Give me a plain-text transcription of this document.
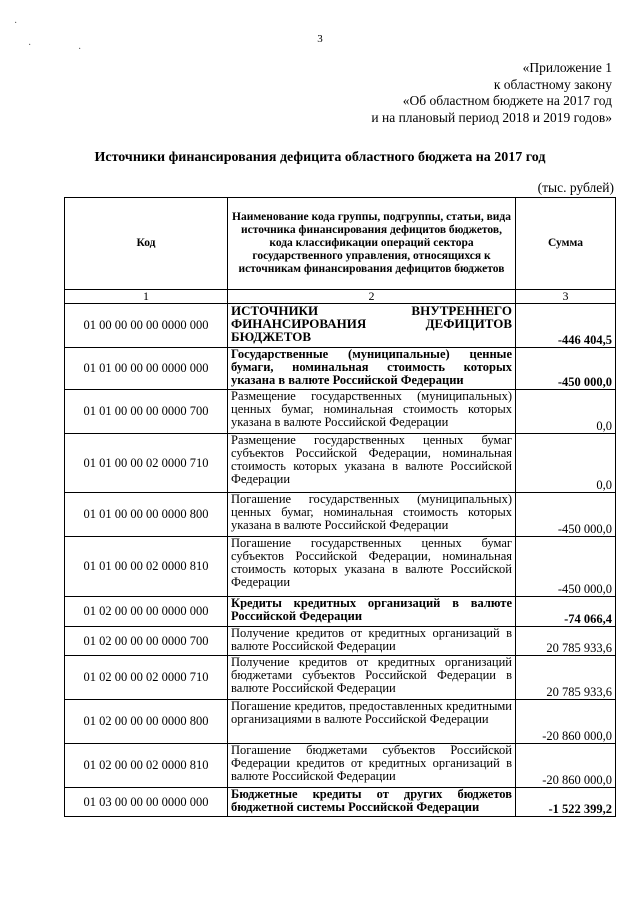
·
·	·
3
«Приложение 1
к областному закону
«Об областном бюджете на 2017 год
и на плановый период 2018 и 2019 годов»
Источники финансирования дефицита областного бюджета на 2017 год
(тыс. рублей)
Код	Наименование кода группы, подгруппы, статьи, вида источника финансирования дефицитов бюджетов, кода классификации операций сектора государственного управления, относящихся к источникам финансирования дефицитов бюджетов	Сумма
1	2	3
01 00 00 00 00 0000 000	ИСТОЧНИКИ ВНУТРЕННЕГО ФИНАНСИРОВАНИЯ ДЕФИЦИТОВ БЮДЖЕТОВ	-446 404,5
01 01 00 00 00 0000 000	Государственные (муниципальные) ценные бумаги, номинальная стоимость которых указана в валюте Российской Федерации	-450 000,0
01 01 00 00 00 0000 700	Размещение государственных (муниципальных) ценных бумаг, номинальная стоимость которых указана в валюте Российской Федерации	0,0
01 01 00 00 02 0000 710	Размещение государственных ценных бумаг субъектов Российской Федерации, номинальная стоимость которых указана в валюте Российской Федерации	0,0
01 01 00 00 00 0000 800	Погашение государственных (муниципальных) ценных бумаг, номинальная стоимость которых указана в валюте Российской Федерации	-450 000,0
01 01 00 00 02 0000 810	Погашение государственных ценных бумаг субъектов Российской Федерации, номинальная стоимость которых указана в валюте Российской Федерации	-450 000,0
01 02 00 00 00 0000 000	Кредиты кредитных организаций в валюте Российской Федерации	-74 066,4
01 02 00 00 00 0000 700	Получение кредитов от кредитных организаций в валюте Российской Федерации	20 785 933,6
01 02 00 00 02 0000 710	Получение кредитов от кредитных организаций бюджетами субъектов Российской Федерации в валюте Российской Федерации	20 785 933,6
01 02 00 00 00 0000 800	Погашение кредитов, предоставленных кредитными организациями в валюте Российской Федерации	-20 860 000,0
01 02 00 00 02 0000 810	Погашение бюджетами субъектов Российской Федерации кредитов от кредитных организаций в валюте Российской Федерации	-20 860 000,0
01 03 00 00 00 0000 000	Бюджетные кредиты от других бюджетов бюджетной системы Российской Федерации	-1 522 399,2
